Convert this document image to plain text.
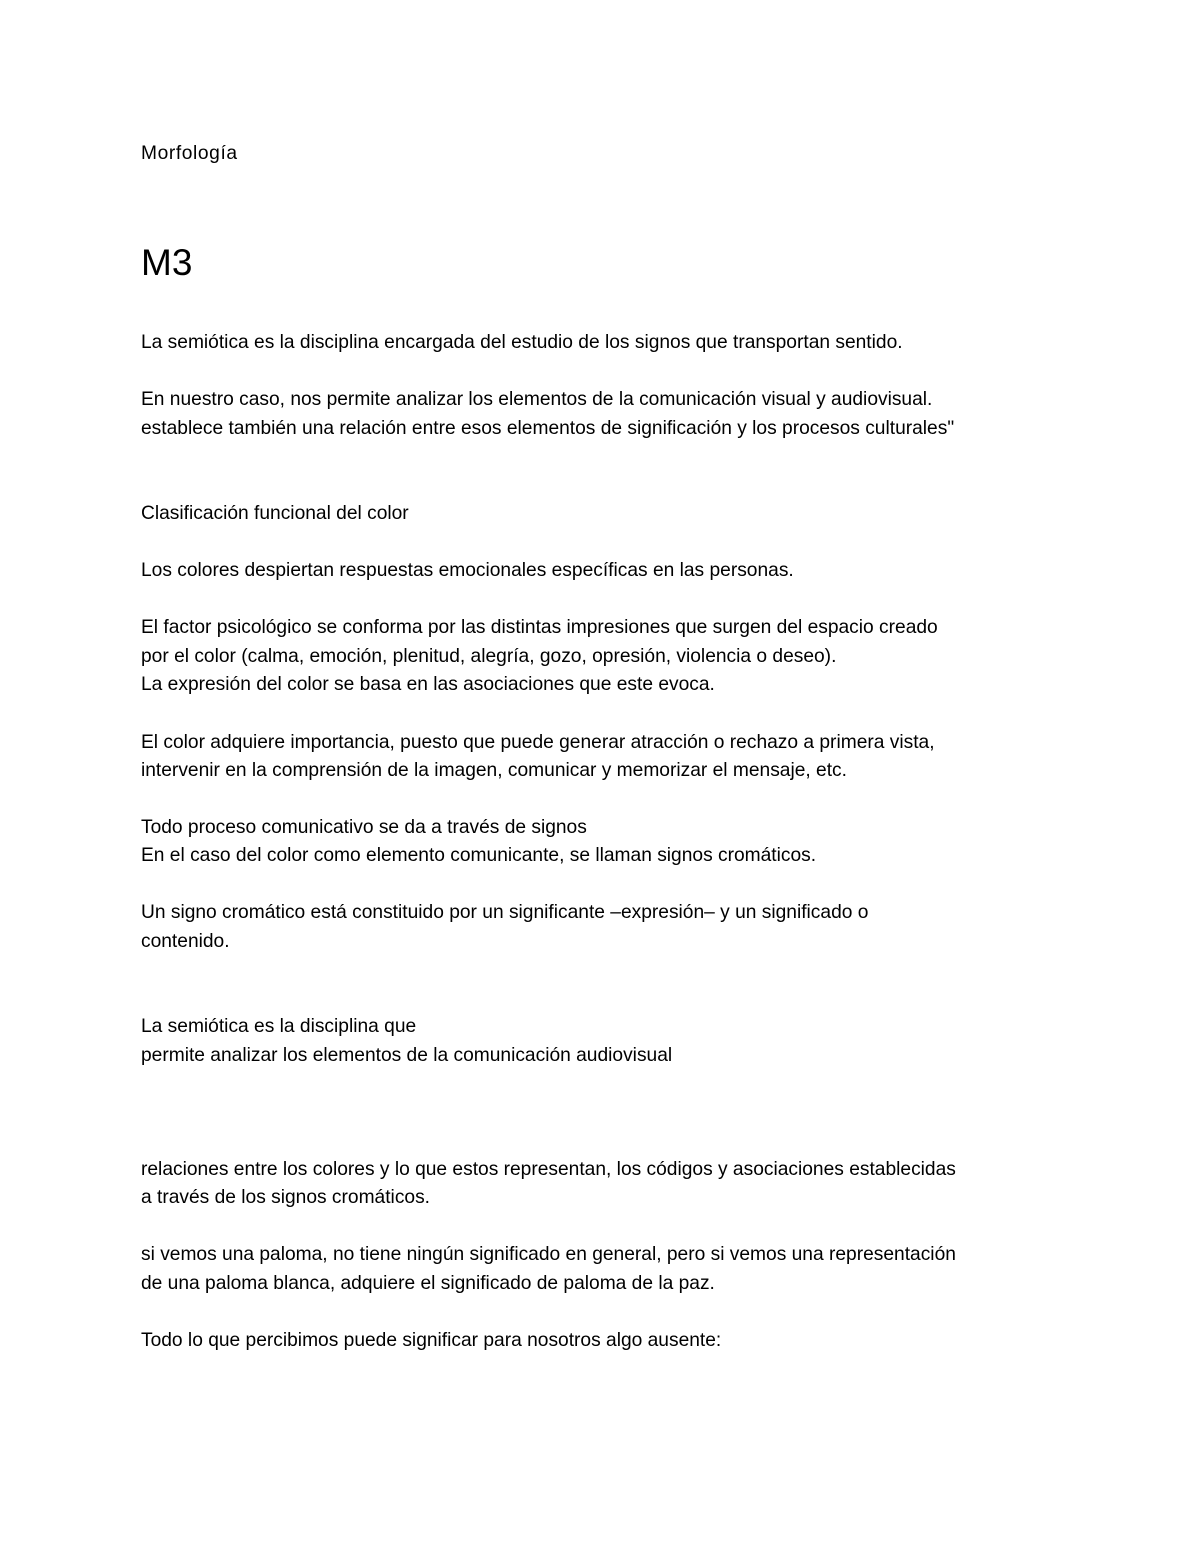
Morfología

M3

La semiótica es la disciplina encargada del estudio de los signos que transportan sentido.

En nuestro caso, nos permite analizar los elementos de la comunicación visual y audiovisual.

establece también una relación entre esos elementos de significación y los procesos culturales"

Clasificación funcional del color

Los colores despiertan respuestas emocionales específicas en las personas.

El factor psicológico se conforma por las distintas impresiones que surgen del espacio creado

por el color (calma, emoción, plenitud, alegría, gozo, opresión, violencia o deseo).

La expresión del color se basa en las asociaciones que este evoca.

El color adquiere importancia, puesto que puede generar atracción o rechazo a primera vista,

intervenir en la comprensión de la imagen, comunicar y memorizar el mensaje, etc.

Todo proceso comunicativo se da a través de signos

En el caso del color como elemento comunicante, se llaman signos cromáticos.

Un signo cromático está constituido por un significante –expresión– y un significado o

contenido.

La semiótica es la disciplina que

permite analizar los elementos de la comunicación audiovisual

relaciones entre los colores y lo que estos representan, los códigos y asociaciones establecidas

a través de los signos cromáticos.

si vemos una paloma, no tiene ningún significado en general, pero si vemos una representación

de una paloma blanca, adquiere el significado de paloma de la paz.

Todo lo que percibimos puede significar para nosotros algo ausente:
